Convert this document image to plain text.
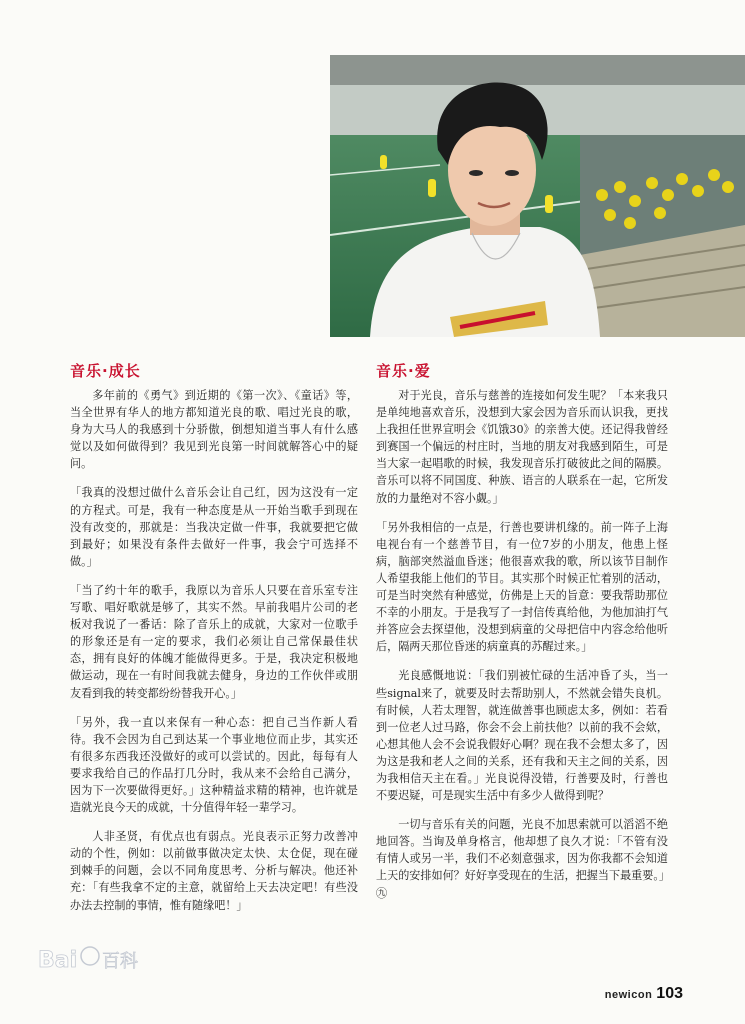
音乐·成长

多年前的《勇气》到近期的《第一次》、《童话》等，当全世界有华人的地方都知道光良的歌、唱过光良的歌，身为大马人的我感到十分骄傲，倒想知道当事人有什么感觉以及如何做得到？我见到光良第一时间就解答心中的疑问。

「我真的没想过做什么音乐会让自己红，因为这没有一定的方程式。可是，我有一种态度是从一开始当歌手到现在没有改变的，那就是：当我决定做一件事，我就要把它做到最好；如果没有条件去做好一件事，我会宁可选择不做。」

「当了约十年的歌手，我原以为音乐人只要在音乐室专注写歌、唱好歌就是够了，其实不然。早前我唱片公司的老板对我说了一番话：除了音乐上的成就，大家对一位歌手的形象还是有一定的要求，我们必须让自己常保最佳状态，拥有良好的体魄才能做得更多。于是，我决定积极地做运动，现在一有时间我就去健身，身边的工作伙伴或朋友看到我的转变都纷纷替我开心。」

「另外，我一直以来保有一种心态：把自己当作新人看待。我不会因为自己到达某一个事业地位而止步，其实还有很多东西我还没做好的或可以尝试的。因此，每每有人要求我给自己的作品打几分时，我从来不会给自己满分，因为下一次要做得更好。」这种精益求精的精神，也许就是造就光良今天的成就，十分值得年轻一辈学习。

人非圣贤，有优点也有弱点。光良表示正努力改善冲动的个性，例如：以前做事做决定太快、太仓促，现在碰到棘手的问题，会以不同角度思考、分析与解决。他还补充：「有些我拿不定的主意，就留给上天去决定吧！有些没办法去控制的事情，惟有随缘吧！」

音乐·爱

对于光良，音乐与慈善的连接如何发生呢？「本来我只是单纯地喜欢音乐，没想到大家会因为音乐而认识我，更找上我担任世界宣明会《饥饿30》的亲善大使。还记得我曾经到赛国一个偏远的村庄时，当地的朋友对我感到陌生，可是当大家一起唱歌的时候，我发现音乐打破彼此之间的隔膜。音乐可以将不同国度、种族、语言的人联系在一起，它所发放的力量绝对不容小觑。」

「另外我相信的一点是，行善也要讲机缘的。前一阵子上海电视台有一个慈善节目，有一位7岁的小朋友，他患上怪病，脑部突然溢血昏迷；他很喜欢我的歌，所以该节目制作人希望我能上他们的节目。其实那个时候正忙着别的活动，可是当时突然有种感觉，仿佛是上天的旨意：要我帮助那位不幸的小朋友。于是我写了一封信传真给他，为他加油打气并答应会去探望他，没想到病童的父母把信中内容念给他听后，隔两天那位昏迷的病童真的苏醒过来。」

光良感慨地说：「我们别被忙碌的生活冲昏了头，当一些signal来了，就要及时去帮助别人，不然就会错失良机。有时候，人若太理智，就连做善事也顾虑太多，例如：若看到一位老人过马路，你会不会上前扶他？以前的我不会欸，心想其他人会不会说我假好心啊？现在我不会想太多了，因为这是我和老人之间的关系，还有我和天主之间的关系，因为我相信天主在看。」光良说得没错，行善要及时，行善也不要迟疑，可是现实生活中有多少人做得到呢？

一切与音乐有关的问题，光良不加思索就可以滔滔不绝地回答。当询及单身格言，他却想了良久才说：「不管有没有情人或另一半，我们不必刻意强求，因为你我都不会知道上天的安排如何？好好享受现在的生活，把握当下最重要。」㊈

newicon 103
Bai 百科
